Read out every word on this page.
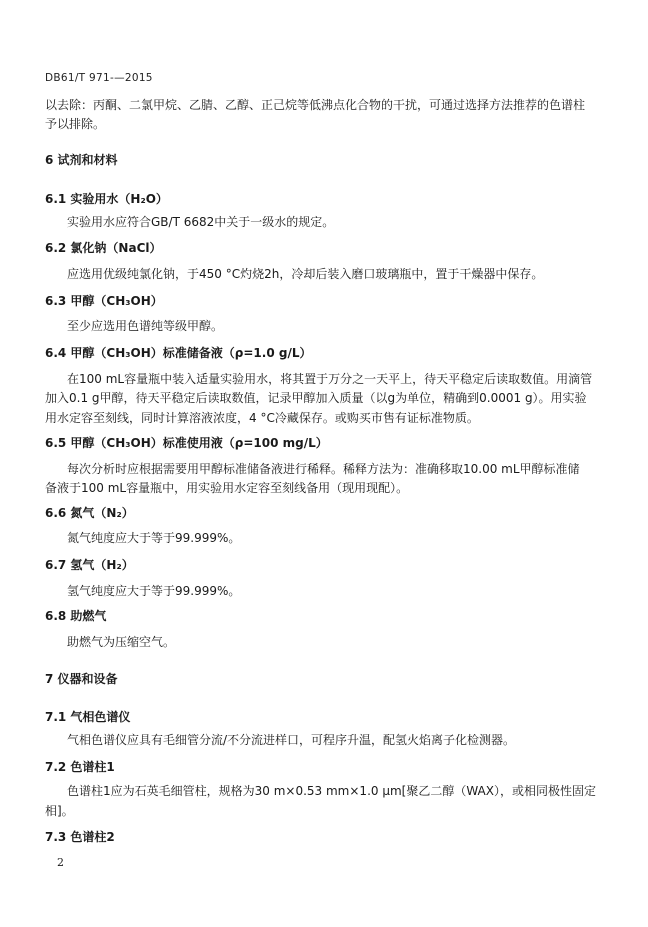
DB61/T 971-—2015
以去除：丙酮、二氯甲烷、乙腈、乙醇、正己烷等低沸点化合物的干扰，可通过选择方法推荐的色谱柱
予以排除。
6 试剂和材料
6.1 实验用水（H₂O）
实验用水应符合GB/T 6682中关于一级水的规定。
6.2 氯化钠（NaCl）
应选用优级纯氯化钠，于450 °C灼烧2h，冷却后装入磨口玻璃瓶中，置于干燥器中保存。
6.3 甲醇（CH₃OH）
至少应选用色谱纯等级甲醇。
6.4 甲醇（CH₃OH）标准储备液（ρ=1.0 g/L）
在100 mL容量瓶中装入适量实验用水，将其置于万分之一天平上，待天平稳定后读取数值。用滴管
加入0.1 g甲醇，待天平稳定后读取数值，记录甲醇加入质量（以g为单位，精确到0.0001 g）。用实验
用水定容至刻线，同时计算溶液浓度，4 °C冷藏保存。或购买市售有证标准物质。
6.5 甲醇（CH₃OH）标准使用液（ρ=100 mg/L）
每次分析时应根据需要用甲醇标准储备液进行稀释。稀释方法为：准确移取10.00 mL甲醇标准储
备液于100 mL容量瓶中，用实验用水定容至刻线备用（现用现配）。
6.6 氮气（N₂）
氮气纯度应大于等于99.999%。
6.7 氢气（H₂）
氢气纯度应大于等于99.999%。
6.8 助燃气
助燃气为压缩空气。
7 仪器和设备
7.1 气相色谱仪
气相色谱仪应具有毛细管分流/不分流进样口，可程序升温，配氢火焰离子化检测器。
7.2 色谱柱1
色谱柱1应为石英毛细管柱，规格为30 m×0.53 mm×1.0 μm[聚乙二醇（WAX），或相同极性固定
相]。
7.3 色谱柱2
2
